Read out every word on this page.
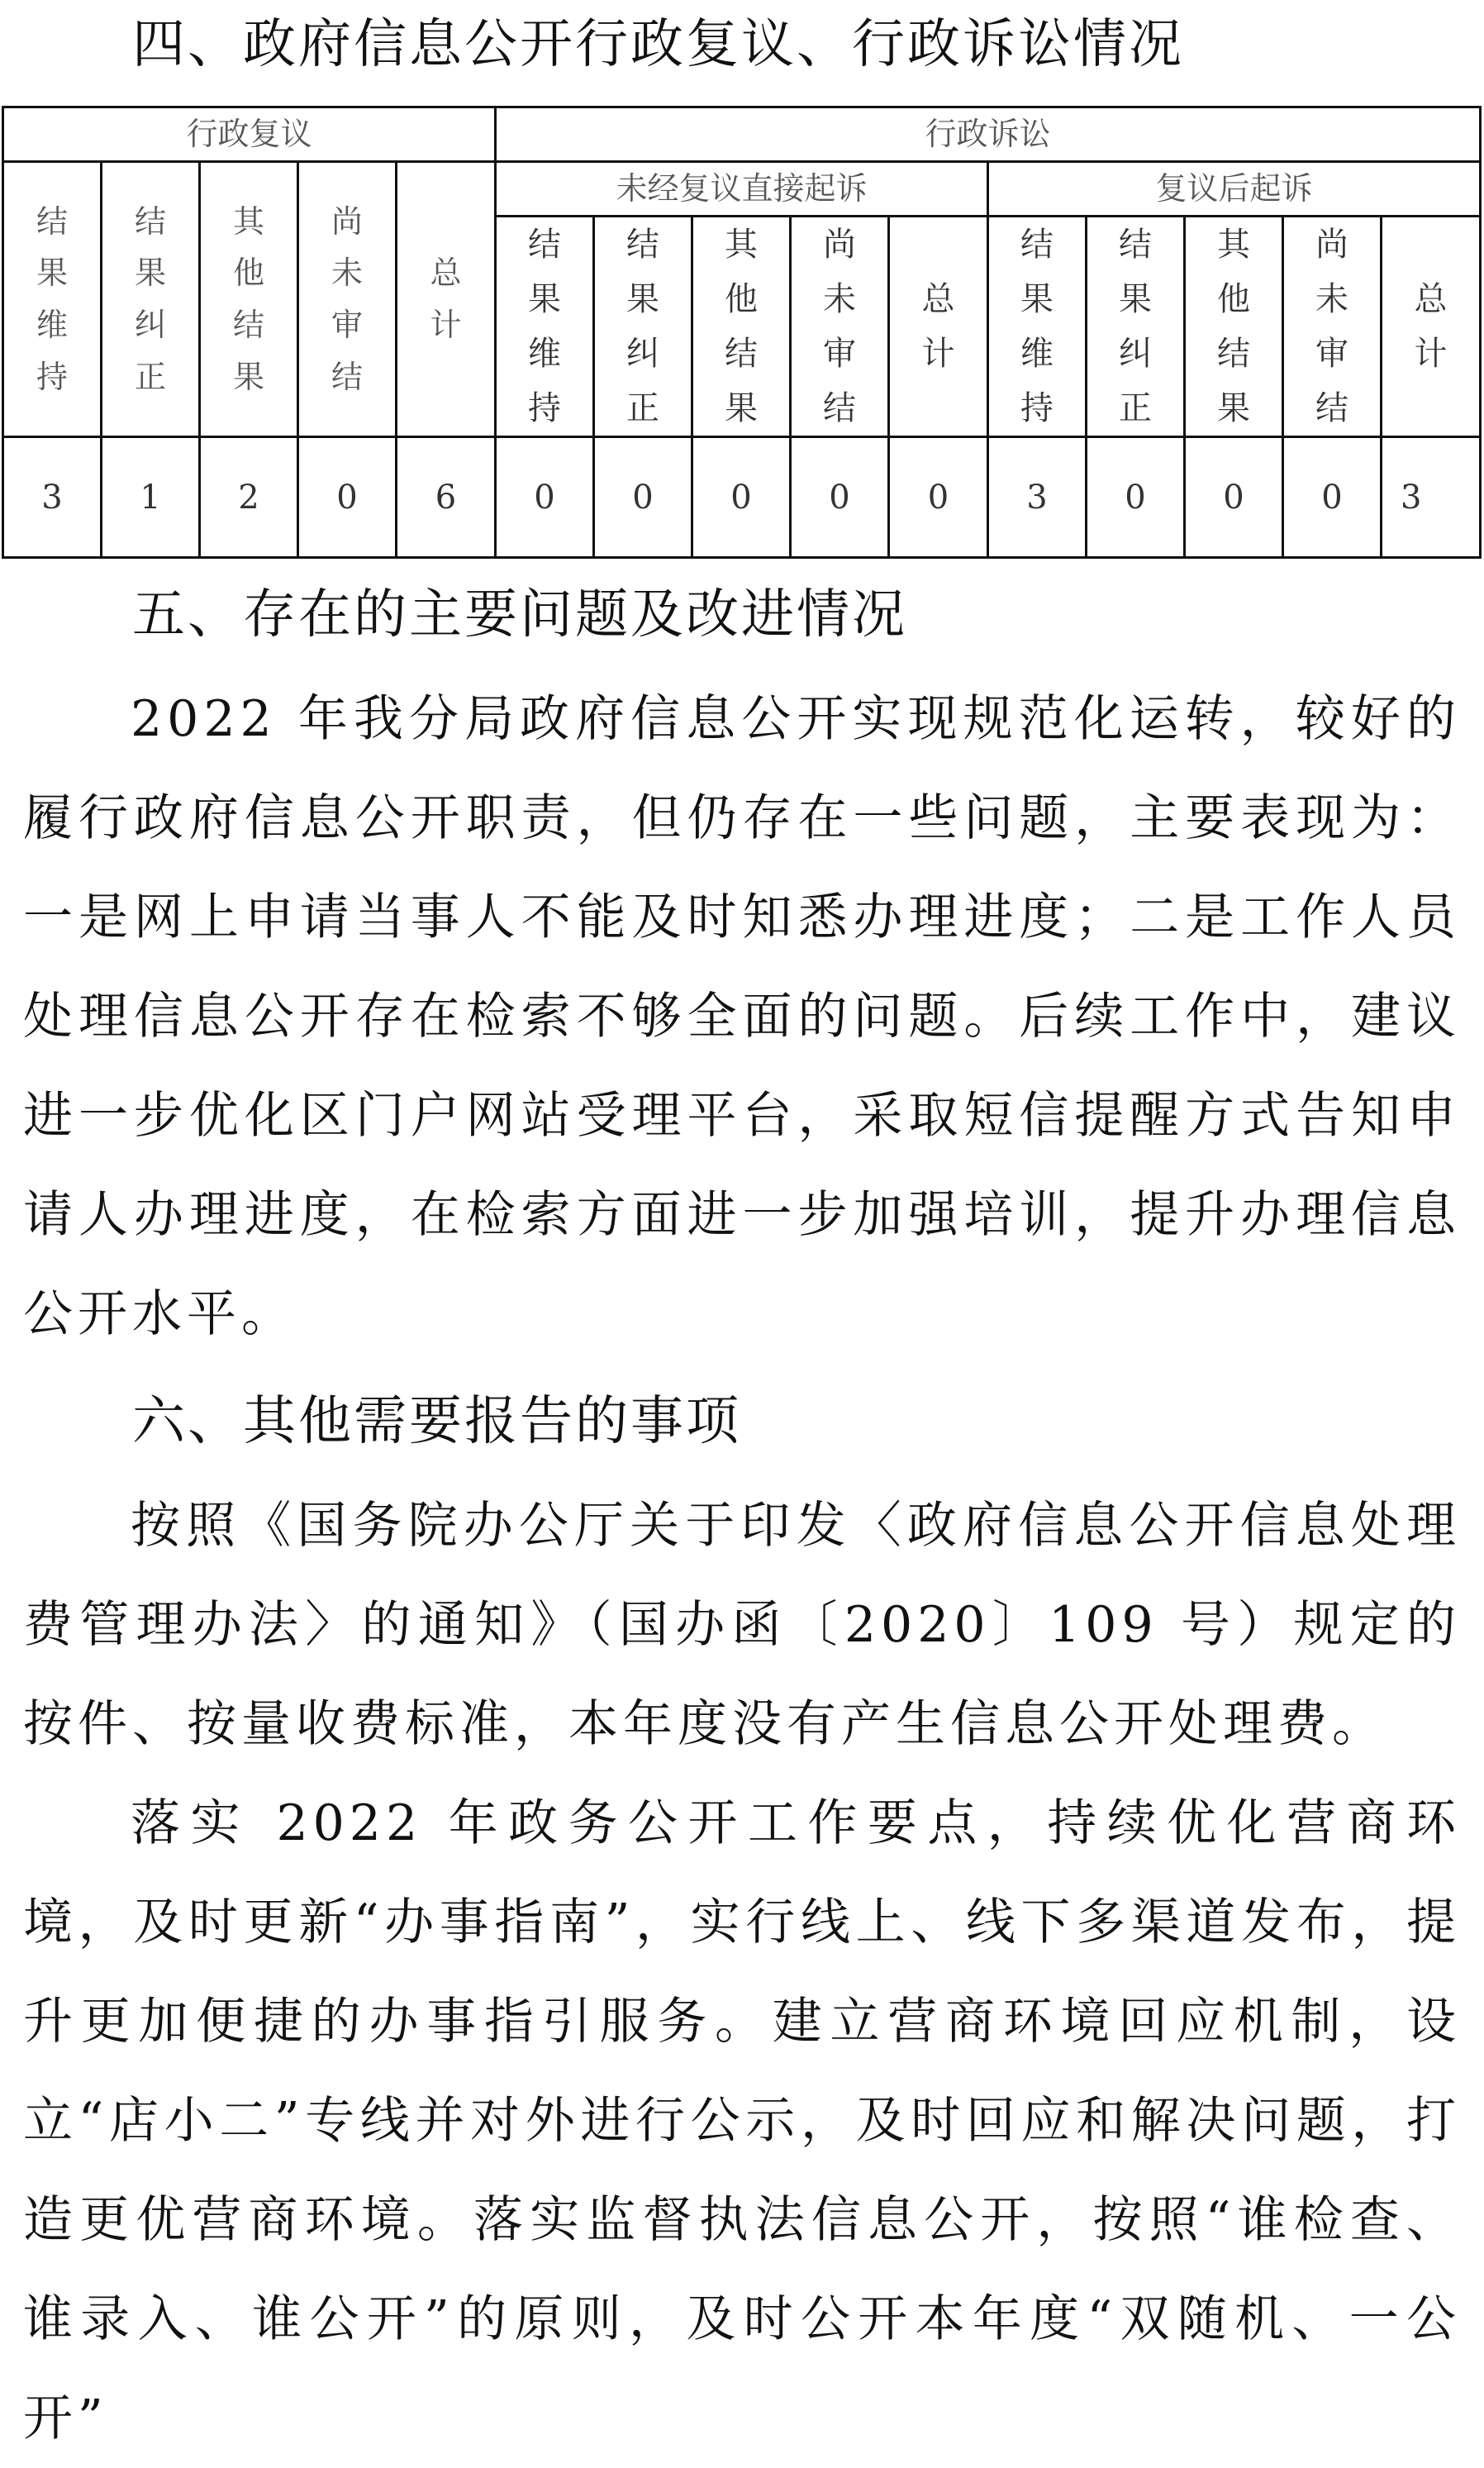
四、政府信息公开行政复议、行政诉讼情况
行政复议					行政诉讼									
结果维持	结果纠正	其他结果	尚未审结	总计	未经复议直接起诉					复议后起诉				
					结果维持	结果纠正	其他结果	尚未审结	总计	结果维持	结果纠正	其他结果	尚未审结	总计
3	1	2	0	6	0	0	0	0	0	3	0	0	0	3
五、存在的主要问题及改进情况
2022 年我分局政府信息公开实现规范化运转，较好的履行政府信息公开职责，但仍存在一些问题，主要表现为：一是网上申请当事人不能及时知悉办理进度；二是工作人员处理信息公开存在检索不够全面的问题。后续工作中，建议进一步优化区门户网站受理平台，采取短信提醒方式告知申请人办理进度，在检索方面进一步加强培训，提升办理信息公开水平。
六、其他需要报告的事项
按照《国务院办公厅关于印发〈政府信息公开信息处理费管理办法〉的通知》（国办函〔2020〕109 号）规定的按件、按量收费标准，本年度没有产生信息公开处理费。
落实 2022 年政务公开工作要点，持续优化营商环境，及时更新“办事指南”，实行线上、线下多渠道发布，提升更加便捷的办事指引服务。建立营商环境回应机制，设立“店小二”专线并对外进行公示，及时回应和解决问题，打造更优营商环境。落实监督执法信息公开，按照“谁检查、谁录入、谁公开”的原则，及时公开本年度“双随机、一公开”
